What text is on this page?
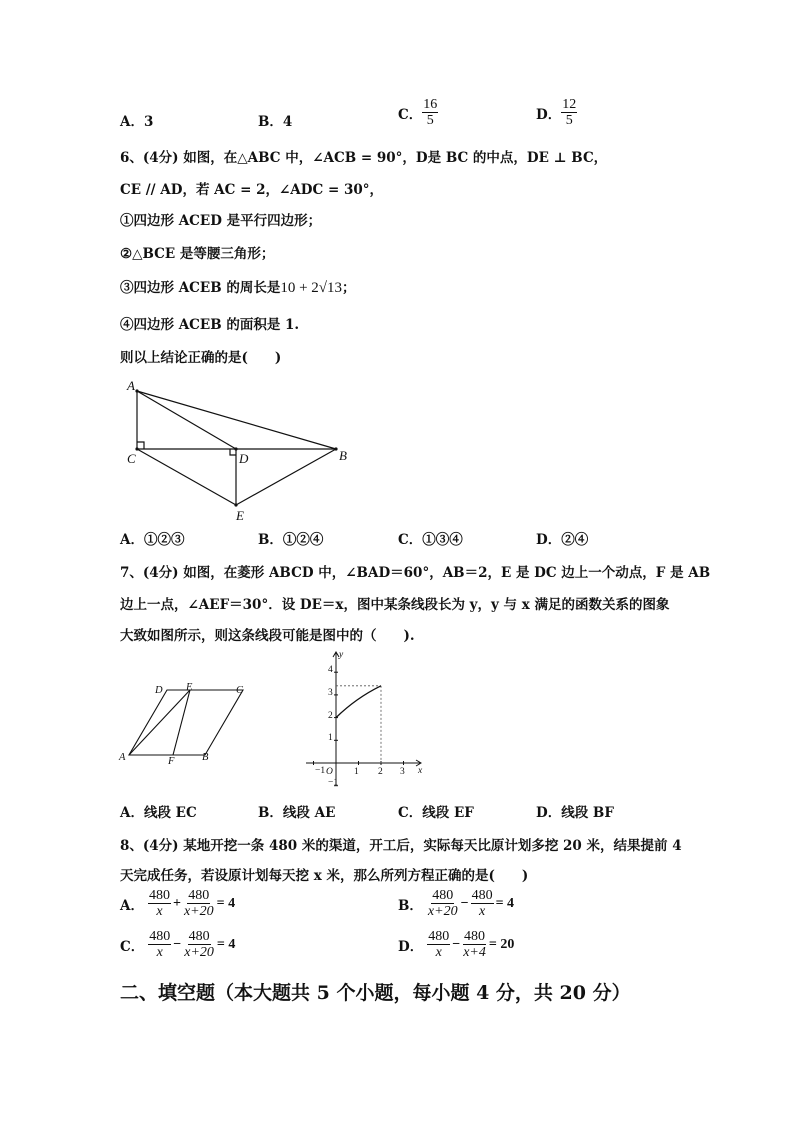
A．3	B．4	C． $\frac{16}{5}$	D． $\frac{12}{5}$
6、(4分) 如图，在△ABC 中，∠ACB = 90°，D是 BC 的中点，DE ⊥ BC，
CE // AD，若 AC = 2，∠ADC = 30°，
①四边形 ACED 是平行四边形；
②△BCE 是等腰三角形；
③四边形 ACEB 的周长是10 + 2√13；
④四边形 ACEB 的面积是 1.
则以上结论正确的是(　　)
A
C	D	B
E
A．①②③	B．①②④	C．①③④	D．②④
7、(4分) 如图，在菱形 ABCD 中，∠BAD＝60°，AB＝2，E 是 DC 边上一个动点，F 是 AB
边上一点，∠AEF＝30°．设 DE＝x，图中某条线段长为 y，y 与 x 满足的函数关系的图象
大致如图所示，则这条线段可能是图中的（　　).
A	B
C
D E
F
−1	1 2 3
−1
1
2
3
4
O	x
y
A．线段 EC	B．线段 AE	C．线段 EF	D．线段 BF
8、(4分) 某地开挖一条 480 米的渠道，开工后，实际每天比原计划多挖 20 米，结果提前 4
天完成任务，若设原计划每天挖 x 米，那么所列方程正确的是(　　)
A． $\frac{480}{x} + \frac{480}{x+20} = 4$	B． $\frac{480}{x+20} - \frac{480}{x} = 4$
C． $\frac{480}{x} - \frac{480}{x+20} = 4$	D． $\frac{480}{x} - \frac{480}{x+4} = 20$
二、填空题（本大题共 5 个小题，每小题 4 分，共 20 分）
